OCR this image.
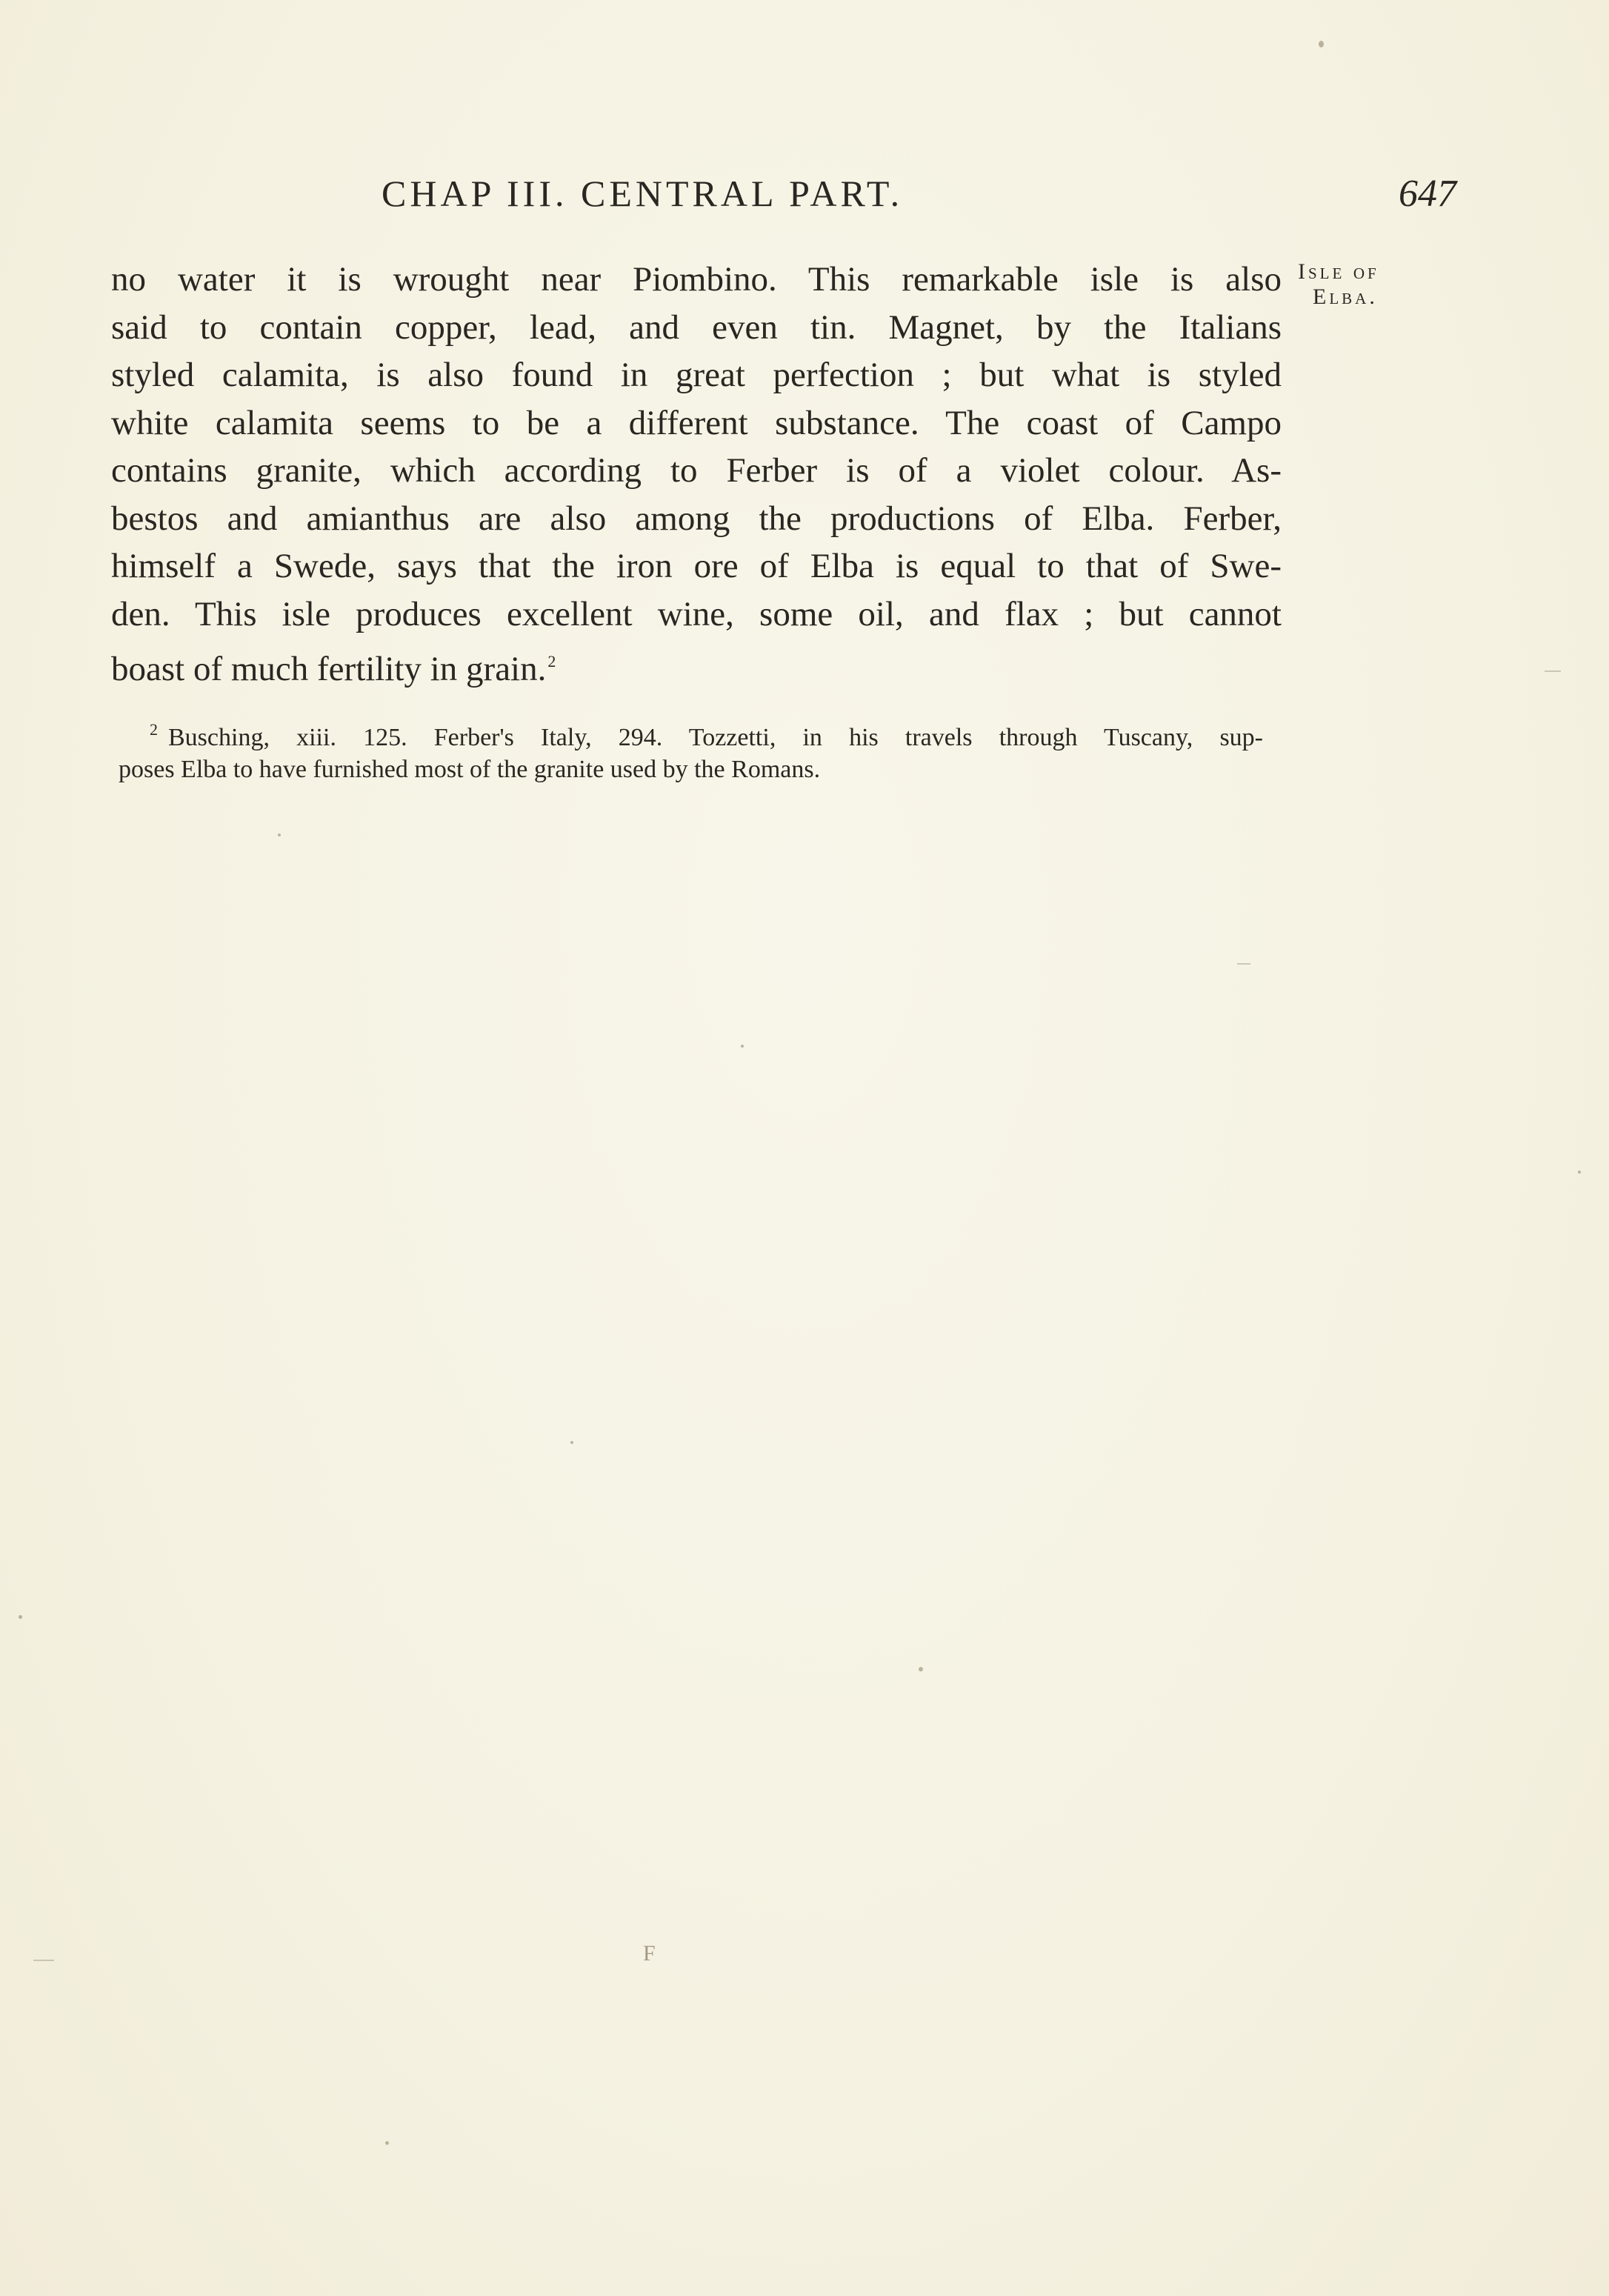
CHAP III. CENTRAL PART.	647
Isle of
Elba.
no water it is wrought near Piombino. This remarkable isle is also
said to contain copper, lead, and even tin. Magnet, by the Italians
styled calamita, is also found in great perfection ; but what is styled
white calamita seems to be a different substance. The coast of Campo
contains granite, which according to Ferber is of a violet colour. As-
bestos and amianthus are also among the productions of Elba. Ferber,
himself a Swede, says that the iron ore of Elba is equal to that of Swe-
den. This isle produces excellent wine, some oil, and flax ; but cannot
boast of much fertility in grain.$^2$
$^2$ Busching, xiii. 125. Ferber's Italy, 294. Tozzetti, in his travels through Tuscany, sup-
poses Elba to have furnished most of the granite used by the Romans.
F
